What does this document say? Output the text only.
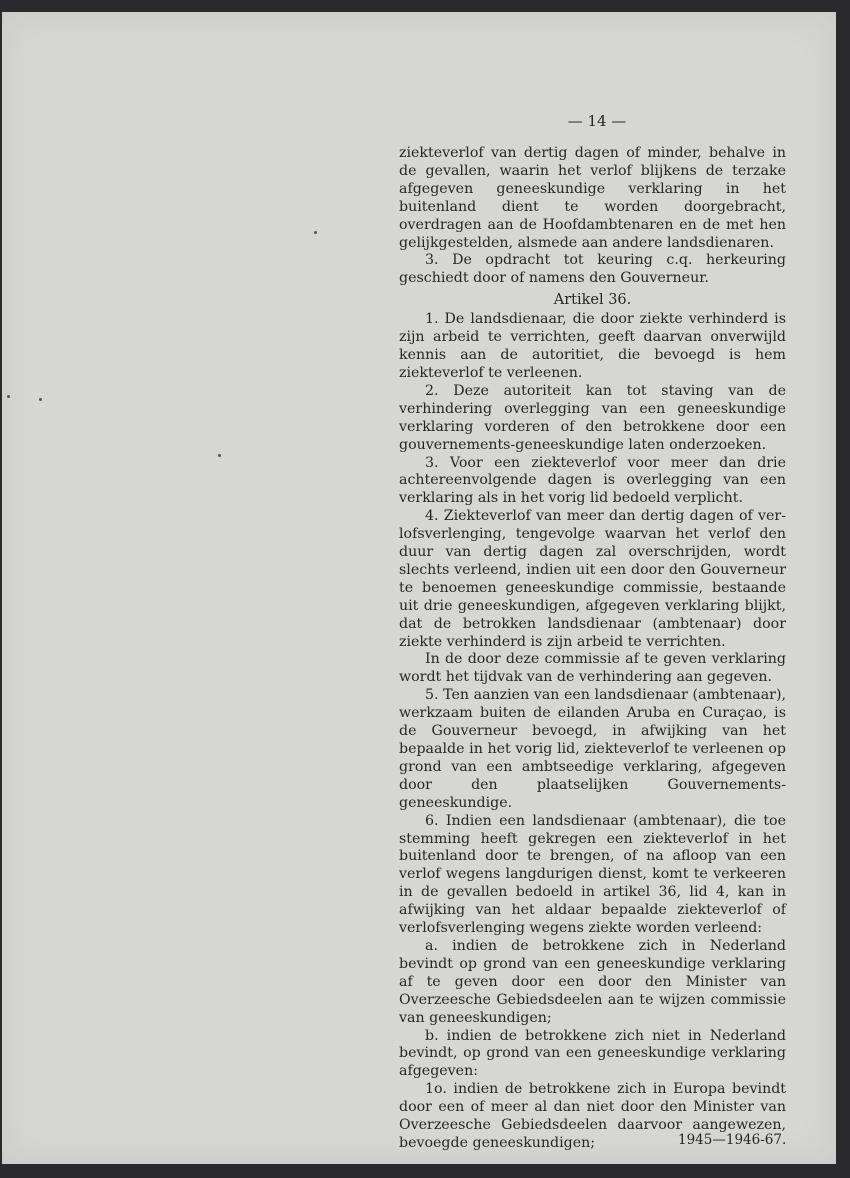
— 14 —

ziekteverlof van dertig dagen of minder, behalve in de gevallen, waarin het verlof blijkens de terzake afgegeven geneeskundige verklaring in het buitenland dient te worden doorgebracht, overdragen aan de Hoofdambtenaren en de met hen gelijkgestelden, alsmede aan andere landsdienaren.

3. De opdracht tot keuring c.q. herkeuring geschiedt door of namens den Gouverneur.

Artikel 36.

1. De landsdienaar, die door ziekte verhinderd is zijn arbeid te verrichten, geeft daarvan onverwijld kennis aan de autoritiet, die bevoegd is hem ziekteverlof te verleenen.

2. Deze autoriteit kan tot staving van de verhindering overlegging van een geneeskundige verklaring vorderen of den betrokkene door een gouvernements-geneeskundige laten onderzoeken.

3. Voor een ziekteverlof voor meer dan drie achtereenvolgende dagen is overlegging van een verklaring als in het vorig lid bedoeld verplicht.

4. Ziekteverlof van meer dan dertig dagen of verlofsverlenging, tengevolge waarvan het verlof den duur van dertig dagen zal overschrijden, wordt slechts verleend, indien uit een door den Gouverneur te benoemen geneeskundige commissie, bestaande uit drie geneeskundigen, afgegeven verklaring blijkt, dat de betrokken landsdienaar (ambtenaar) door ziekte verhinderd is zijn arbeid te verrichten.

In de door deze commissie af te geven verklaring wordt het tijdvak van de verhindering aan gegeven.

5. Ten aanzien van een landsdienaar (ambtenaar), werkzaam buiten de eilanden Aruba en Curaçao, is de Gouverneur bevoegd, in afwijking van het bepaalde in het vorig lid, ziekteverlof te verleenen op grond van een ambtseedige verklaring, afgegeven door den plaatselijken Gouvernements-geneeskundige.

6. Indien een landsdienaar (ambtenaar), die toe stemming heeft gekregen een ziekteverlof in het buitenland door te brengen, of na afloop van een verlof wegens langdurigen dienst, komt te verkeeren in de gevallen bedoeld in artikel 36, lid 4, kan in afwijking van het aldaar bepaalde ziekteverlof of verlofsverlenging wegens ziekte worden verleend:

a. indien de betrokkene zich in Nederland bevindt op grond van een geneeskundige verklaring af te geven door een door den Minister van Overzeesche Gebiedsdeelen aan te wijzen commissie van geneeskundigen;

b. indien de betrokkene zich niet in Nederland bevindt, op grond van een geneeskundige verklaring afgegeven:

1o. indien de betrokkene zich in Europa bevindt door een of meer al dan niet door den Minister van Overzeesche Gebiedsdeelen daarvoor aangewezen, bevoegde geneeskundigen;	1945—1946-67.
